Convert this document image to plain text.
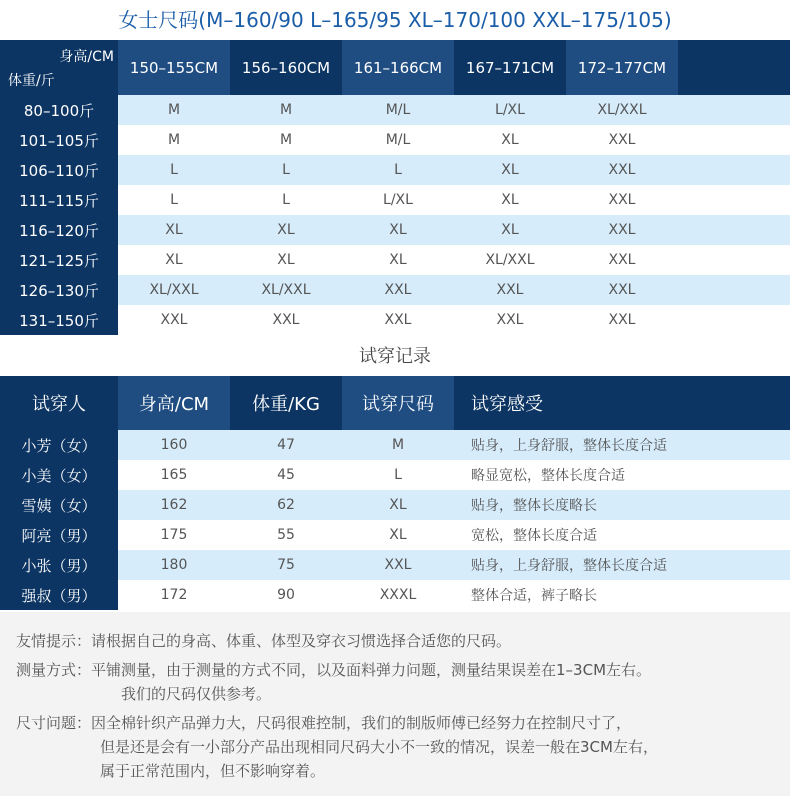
女士尺码(M–160/90 L–165/95 XL–170/100 XXL–175/105)
身高/CM
体重/斤	150–155CM	156–160CM	161–166CM	167–171CM	172–177CM	
80–100斤	M	M	M/L	L/XL	XL/XXL	
101–105斤	M	M	M/L	XL	XXL	
106–110斤	L	L	L	XL	XXL	
111–115斤	L	L	L/XL	XL	XXL	
116–120斤	XL	XL	XL	XL	XXL	
121–125斤	XL	XL	XL	XL/XXL	XXL	
126–130斤	XL/XXL	XL/XXL	XXL	XXL	XXL	
131–150斤	XXL	XXL	XXL	XXL	XXL	
试穿记录
试穿人	身高/CM	体重/KG	试穿尺码	试穿感受
小芳（女）	160	47	M	贴身，上身舒服，整体长度合适
小美（女）	165	45	L	略显宽松，整体长度合适
雪姨（女）	162	62	XL	贴身，整体长度略长
阿亮（男）	175	55	XL	宽松，整体长度合适
小张（男）	180	75	XXL	贴身，上身舒服，整体长度合适
强叔（男）	172	90	XXXL	整体合适，裤子略长
友情提示：请根据自己的身高、体重、体型及穿衣习惯选择合适您的尺码。
测量方式：平铺测量，由于测量的方式不同，以及面料弹力问题，测量结果误差在1–3CM左右。
我们的尺码仅供参考。
尺寸问题：因全棉针织产品弹力大，尺码很难控制，我们的制版师傅已经努力在控制尺寸了，
但是还是会有一小部分产品出现相同尺码大小不一致的情况，误差一般在3CM左右，
属于正常范围内，但不影响穿着。
